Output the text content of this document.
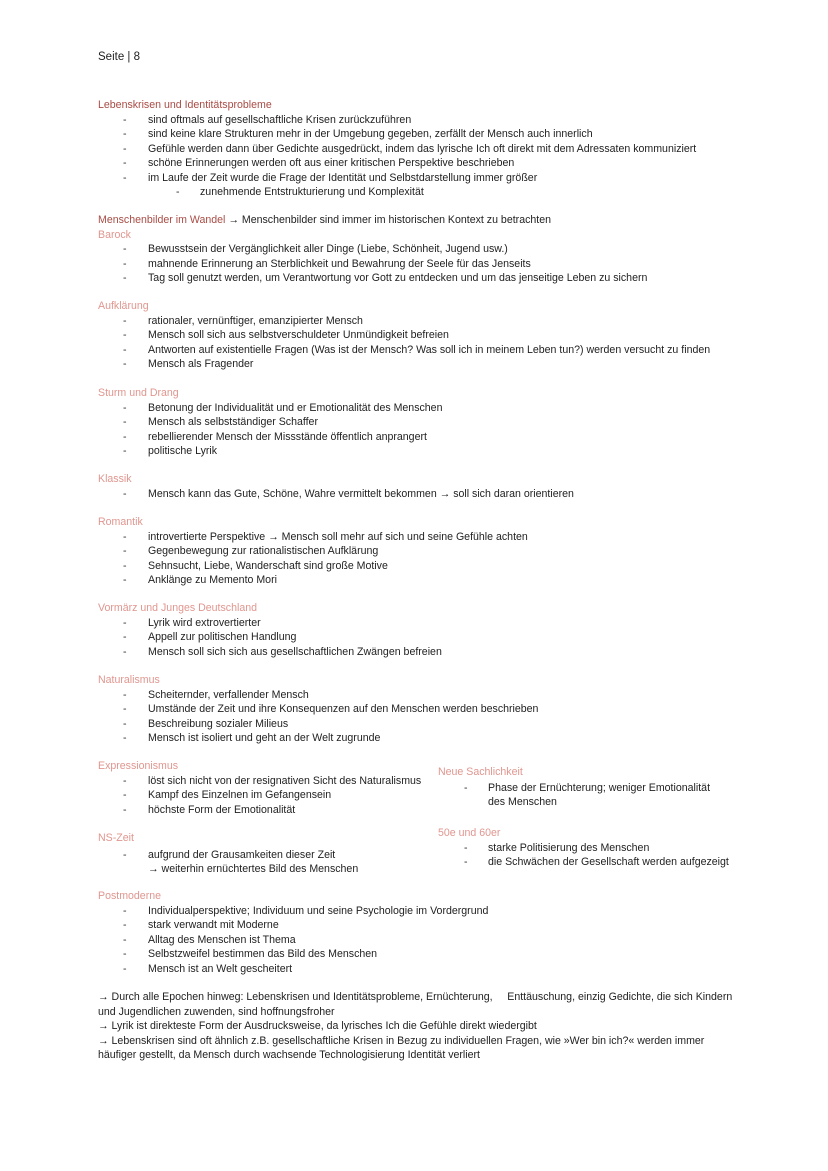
Seite | 8
Lebenskrisen und Identitätsprobleme
- sind oftmals auf gesellschaftliche Krisen zurückzuführen
- sind keine klare Strukturen mehr in der Umgebung gegeben, zerfällt der Mensch auch innerlich
- Gefühle werden dann über Gedichte ausgedrückt, indem das lyrische Ich oft direkt mit dem Adressaten kommuniziert
- schöne Erinnerungen werden oft aus einer kritischen Perspektive beschrieben
- im Laufe der Zeit wurde die Frage der Identität und Selbstdarstellung immer größer
- zunehmende Entstrukturierung und Komplexität
Menschenbilder im Wandel → Menschenbilder sind immer im historischen Kontext zu betrachten
Barock
- Bewusstsein der Vergänglichkeit aller Dinge (Liebe, Schönheit, Jugend usw.)
- mahnende Erinnerung an Sterblichkeit und Bewahrung der Seele für das Jenseits
- Tag soll genutzt werden, um Verantwortung vor Gott zu entdecken und um das jenseitige Leben zu sichern
Aufklärung
- rationaler, vernünftiger, emanzipierter Mensch
- Mensch soll sich aus selbstverschuldeter Unmündigkeit befreien
- Antworten auf existentielle Fragen (Was ist der Mensch? Was soll ich in meinem Leben tun?) werden versucht zu finden
- Mensch als Fragender
Sturm und Drang
- Betonung der Individualität und er Emotionalität des Menschen
- Mensch als selbstständiger Schaffer
- rebellierender Mensch der Missstände öffentlich anprangert
- politische Lyrik
Klassik
- Mensch kann das Gute, Schöne, Wahre vermittelt bekommen → soll sich daran orientieren
Romantik
- introvertierte Perspektive → Mensch soll mehr auf sich und seine Gefühle achten
- Gegenbewegung zur rationalistischen Aufklärung
- Sehnsucht, Liebe, Wanderschaft sind große Motive
- Anklänge zu Memento Mori
Vormärz und Junges Deutschland
- Lyrik wird extrovertierter
- Appell zur politischen Handlung
- Mensch soll sich sich aus gesellschaftlichen Zwängen befreien
Naturalismus
- Scheiternder, verfallender Mensch
- Umstände der Zeit und ihre Konsequenzen auf den Menschen werden beschrieben
- Beschreibung sozialer Milieus
- Mensch ist isoliert und geht an der Welt zugrunde
Expressionismus
- löst sich nicht von der resignativen Sicht des Naturalismus
- Kampf des Einzelnen im Gefangensein
- höchste Form der Emotionalität
Neue Sachlichkeit
- Phase der Ernüchterung; weniger Emotionalität des Menschen
NS-Zeit
- aufgrund der Grausamkeiten dieser Zeit
→ weiterhin ernüchtertes Bild des Menschen
50e und 60er
- starke Politisierung des Menschen
- die Schwächen der Gesellschaft werden aufgezeigt
Postmoderne
- Individualperspektive; Individuum und seine Psychologie im Vordergrund
- stark verwandt mit Moderne
- Alltag des Menschen ist Thema
- Selbstzweifel bestimmen das Bild des Menschen
- Mensch ist an Welt gescheitert

→ Durch alle Epochen hinweg: Lebenskrisen und Identitätsprobleme, Ernüchterung,     Enttäuschung, einzig Gedichte, die sich Kindern und Jugendlichen zuwenden, sind hoffnungsfroher

→ Lyrik ist direkteste Form der Ausdrucksweise, da lyrisches Ich die Gefühle direkt wiedergibt

→ Lebenskrisen sind oft ähnlich z.B. gesellschaftliche Krisen in Bezug zu individuellen Fragen, wie »Wer bin ich?« werden immer häufiger gestellt, da Mensch durch wachsende Technologisierung Identität verliert
